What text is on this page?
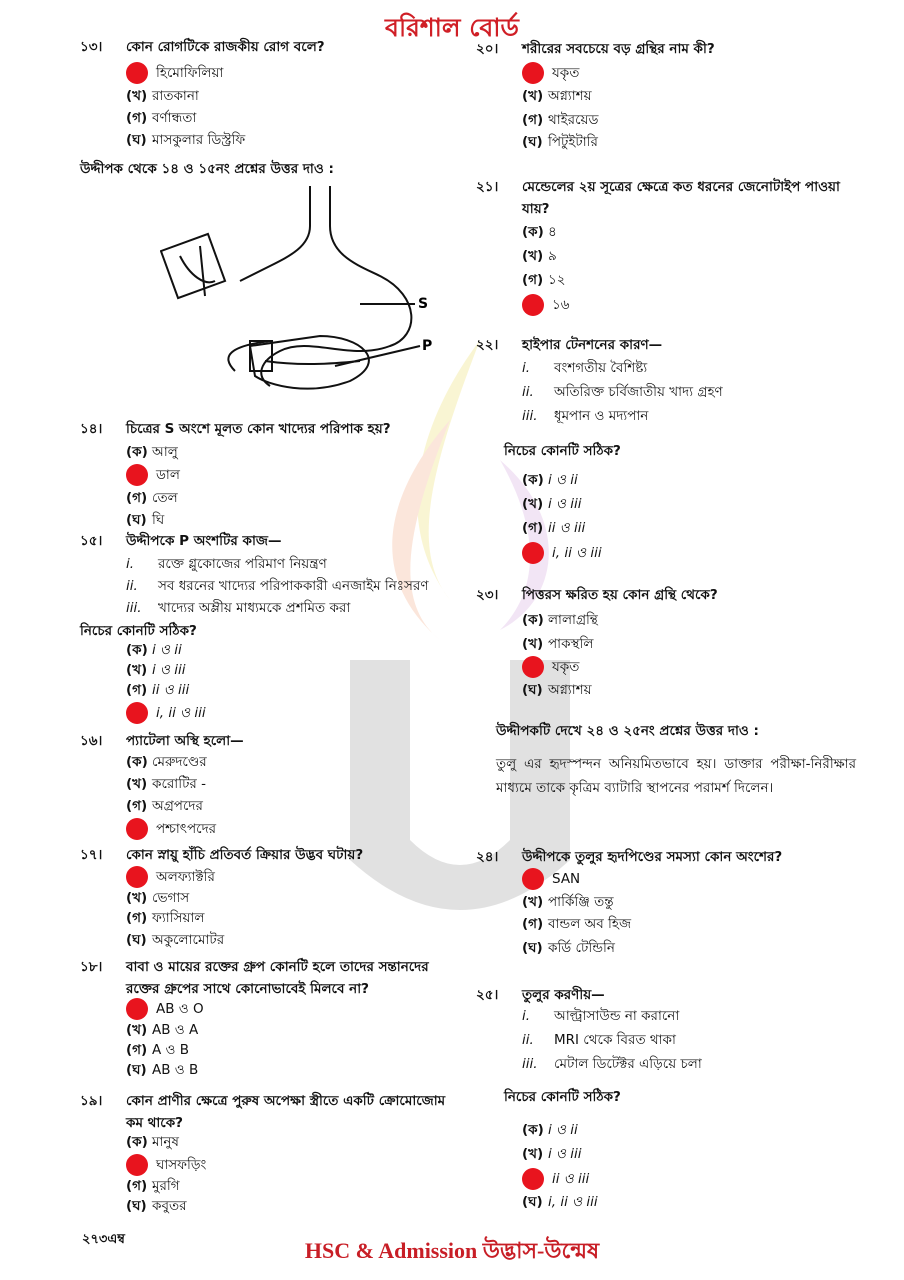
বরিশাল বোর্ড
১৩।	কোন রোগটিকে রাজকীয় রোগ বলে?
হিমোফিলিয়া
(খ) রাতকানা
(গ) বর্ণান্ধতা
(ঘ) মাসকুলার ডিস্ট্রফি
উদ্দীপক থেকে ১৪ ও ১৫নং প্রশ্নের উত্তর দাও :
S
P
১৪।	চিত্রের S অংশে মূলত কোন খাদ্যের পরিপাক হয়?
(ক) আলু
ডাল
(গ) তেল
(ঘ) ঘি
১৫।	উদ্দীপকে P অংশটির কাজ—
i. রক্তে গ্লুকোজের পরিমাণ নিয়ন্ত্রণ
ii. সব ধরনের খাদ্যের পরিপাককারী এনজাইম নিঃসরণ
iii. খাদ্যের অম্লীয় মাধ্যমকে প্রশমিত করা
নিচের কোনটি সঠিক?
(ক) i ও ii
(খ) i ও iii
(গ) ii ও iii
i, ii ও iii
১৬।	প্যাটেলা অস্থি হলো—
(ক) মেরুদণ্ডের
(খ) করোটির -
(গ) অগ্রপদের
পশ্চাৎপদের
১৭।	কোন স্নায়ু হাঁচি প্রতিবর্ত ক্রিয়ার উদ্ভব ঘটায়?
অলফ্যাক্টরি
(খ) ভেগাস
(গ) ফ্যাসিয়াল
(ঘ) অকুলোমোটর
১৮।	বাবা ও মায়ের রক্তের গ্রুপ কোনটি হলে তাদের সন্তানদের রক্তের গ্রুপের সাথে কোনোভাবেই মিলবে না?
AB ও O
(খ) AB ও A
(গ) A ও B
(ঘ) AB ও B
১৯।	কোন প্রাণীর ক্ষেত্রে পুরুষ অপেক্ষা স্ত্রীতে একটি ক্রোমোজোম কম থাকে?
(ক) মানুষ
ঘাসফড়িং
(গ) মুরগি
(ঘ) কবুতর
২০।	শরীরের সবচেয়ে বড় গ্রন্থির নাম কী?
যকৃত
(খ) অগ্ন্যাশয়
(গ) থাইরয়েড
(ঘ) পিটুইটারি
২১।	মেন্ডেলের ২য় সূত্রের ক্ষেত্রে কত ধরনের জেনোটাইপ পাওয়া যায়?
(ক) ৪
(খ) ৯
(গ) ১২
১৬
২২।	হাইপার টেনশনের কারণ—
i. বংশগতীয় বৈশিষ্ট্য
ii. অতিরিক্ত চর্বিজাতীয় খাদ্য গ্রহণ
iii. ধূমপান ও মদ্যপান
নিচের কোনটি সঠিক?
(ক) i ও ii
(খ) i ও iii
(গ) ii ও iii
i, ii ও iii
২৩।	পিত্তরস ক্ষরিত হয় কোন গ্রন্থি থেকে?
(ক) লালাগ্রন্থি
(খ) পাকস্থলি
যকৃত
(ঘ) অগ্ন্যাশয়
উদ্দীপকটি দেখে ২৪ ও ২৫নং প্রশ্নের উত্তর দাও :
তুলু এর হৃদস্পন্দন অনিয়মিতভাবে হয়। ডাক্তার পরীক্ষা-নিরীক্ষার মাধ্যমে তাকে কৃত্রিম ব্যাটারি স্থাপনের পরামর্শ দিলেন।
২৪।	উদ্দীপকে তুলুর হৃদপিণ্ডের সমস্যা কোন অংশের?
SAN
(খ) পার্কিঞ্জি তন্তু
(গ) বান্ডল অব হিজ
(ঘ) কর্ডি টেন্ডিনি
২৫।	তুলুর করণীয়—
i. আল্ট্রাসাউন্ড না করানো
ii. MRI থেকে বিরত থাকা
iii. মেটাল ডিটেক্টর এড়িয়ে চলা
নিচের কোনটি সঠিক?
(ক) i ও ii
(খ) i ও iii
ii ও iii
(ঘ) i, ii ও iii
২৭৩এম্ব	HSC & Admission উদ্ভাস-উন্মেষ
